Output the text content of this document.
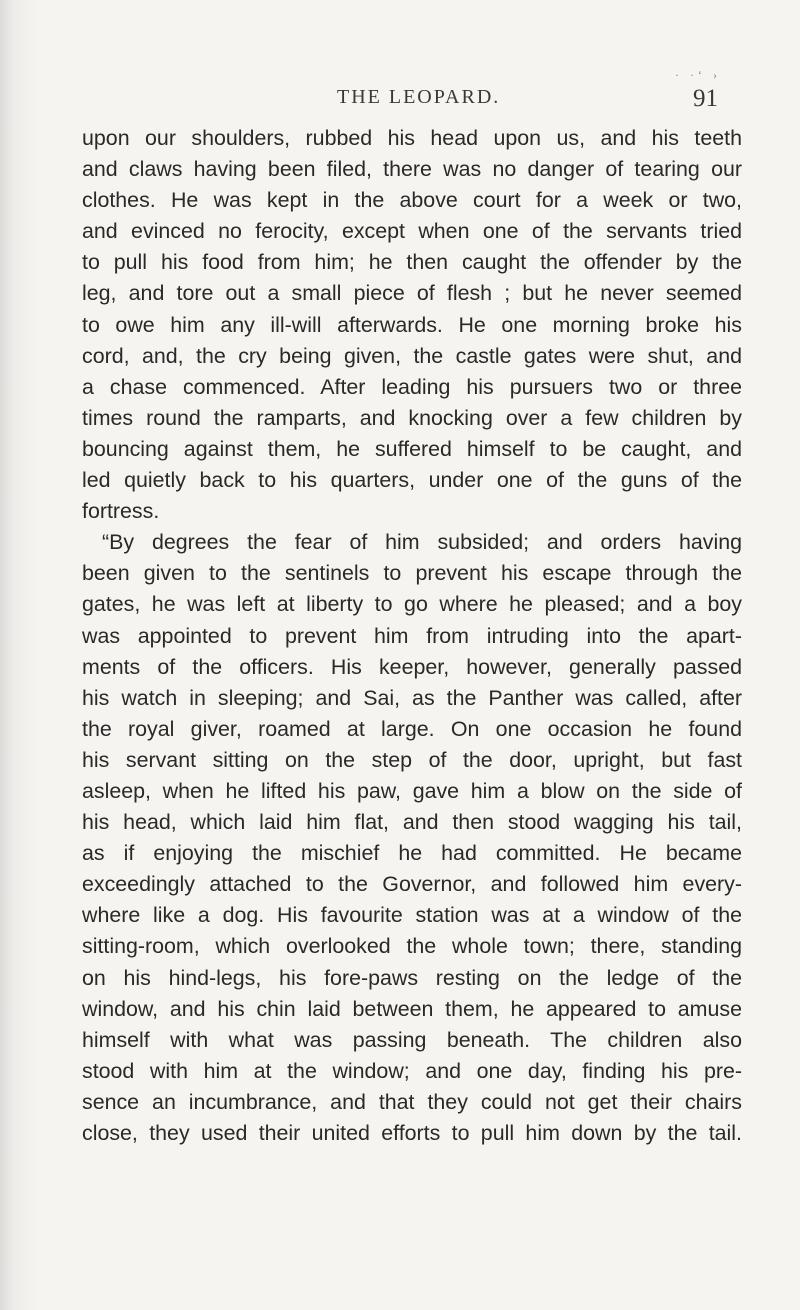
THE LEOPARD.	91
· ·‘ ›
upon our shoulders, rubbed his head upon us, and his teeth
and claws having been filed, there was no danger of tearing our
clothes. He was kept in the above court for a week or two,
and evinced no ferocity, except when one of the servants tried
to pull his food from him; he then caught the offender by the
leg, and tore out a small piece of flesh ; but he never seemed
to owe him any ill-will afterwards. He one morning broke his
cord, and, the cry being given, the castle gates were shut, and
a chase commenced. After leading his pursuers two or three
times round the ramparts, and knocking over a few children by
bouncing against them, he suffered himself to be caught, and
led quietly back to his quarters, under one of the guns of the
fortress.
“By degrees the fear of him subsided; and orders having
been given to the sentinels to prevent his escape through the
gates, he was left at liberty to go where he pleased; and a boy
was appointed to prevent him from intruding into the apart-
ments of the officers. His keeper, however, generally passed
his watch in sleeping; and Sai, as the Panther was called, after
the royal giver, roamed at large. On one occasion he found
his servant sitting on the step of the door, upright, but fast
asleep, when he lifted his paw, gave him a blow on the side of
his head, which laid him flat, and then stood wagging his tail,
as if enjoying the mischief he had committed. He became
exceedingly attached to the Governor, and followed him every-
where like a dog. His favourite station was at a window of the
sitting-room, which overlooked the whole town; there, standing
on his hind-legs, his fore-paws resting on the ledge of the
window, and his chin laid between them, he appeared to amuse
himself with what was passing beneath. The children also
stood with him at the window; and one day, finding his pre-
sence an incumbrance, and that they could not get their chairs
close, they used their united efforts to pull him down by the tail.
